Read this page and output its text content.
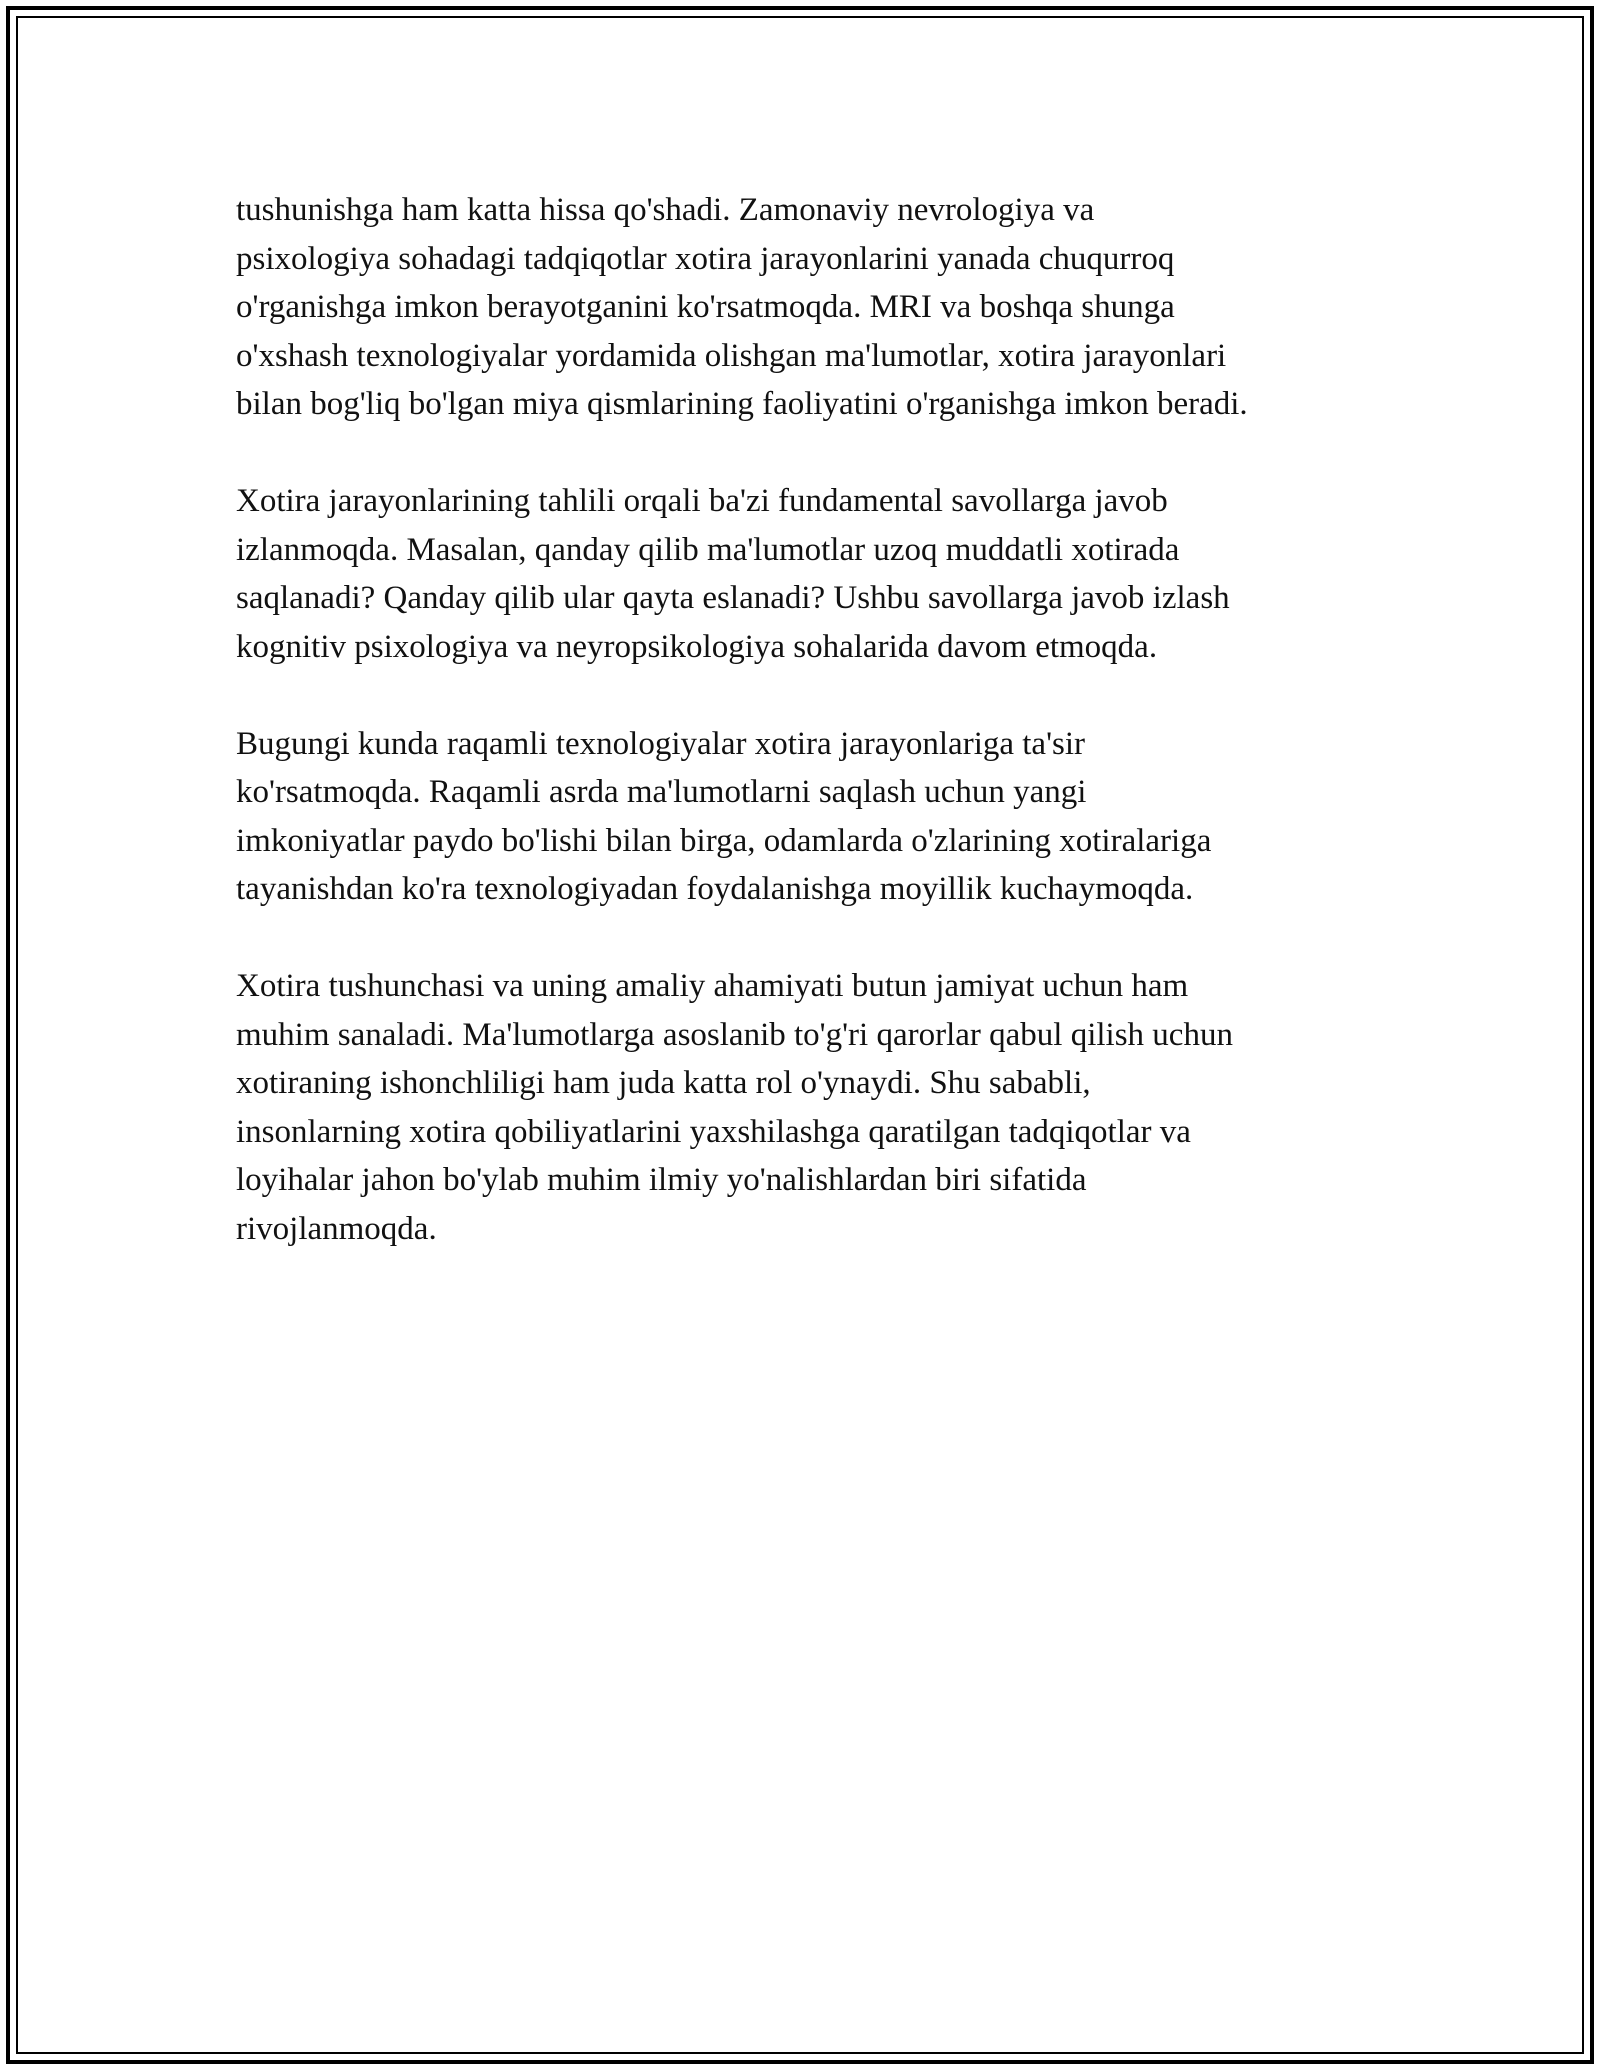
tushunishga ham katta hissa qo'shadi. Zamonaviy nevrologiya va
psixologiya sohadagi tadqiqotlar xotira jarayonlarini yanada chuqurroq
o'rganishga imkon berayotganini ko'rsatmoqda. MRI va boshqa shunga
o'xshash texnologiyalar yordamida olishgan ma'lumotlar, xotira jarayonlari
bilan bog'liq bo'lgan miya qismlarining faoliyatini o'rganishga imkon beradi.

Xotira jarayonlarining tahlili orqali ba'zi fundamental savollarga javob
izlanmoqda. Masalan, qanday qilib ma'lumotlar uzoq muddatli xotirada
saqlanadi? Qanday qilib ular qayta eslanadi? Ushbu savollarga javob izlash
kognitiv psixologiya va neyropsikologiya sohalarida davom etmoqda.

Bugungi kunda raqamli texnologiyalar xotira jarayonlariga ta'sir
ko'rsatmoqda. Raqamli asrda ma'lumotlarni saqlash uchun yangi
imkoniyatlar paydo bo'lishi bilan birga, odamlarda o'zlarining xotiralariga
tayanishdan ko'ra texnologiyadan foydalanishga moyillik kuchaymoqda.

Xotira tushunchasi va uning amaliy ahamiyati butun jamiyat uchun ham
muhim sanaladi. Ma'lumotlarga asoslanib to'g'ri qarorlar qabul qilish uchun
xotiraning ishonchliligi ham juda katta rol o'ynaydi. Shu sababli,
insonlarning xotira qobiliyatlarini yaxshilashga qaratilgan tadqiqotlar va
loyihalar jahon bo'ylab muhim ilmiy yo'nalishlardan biri sifatida
rivojlanmoqda.
